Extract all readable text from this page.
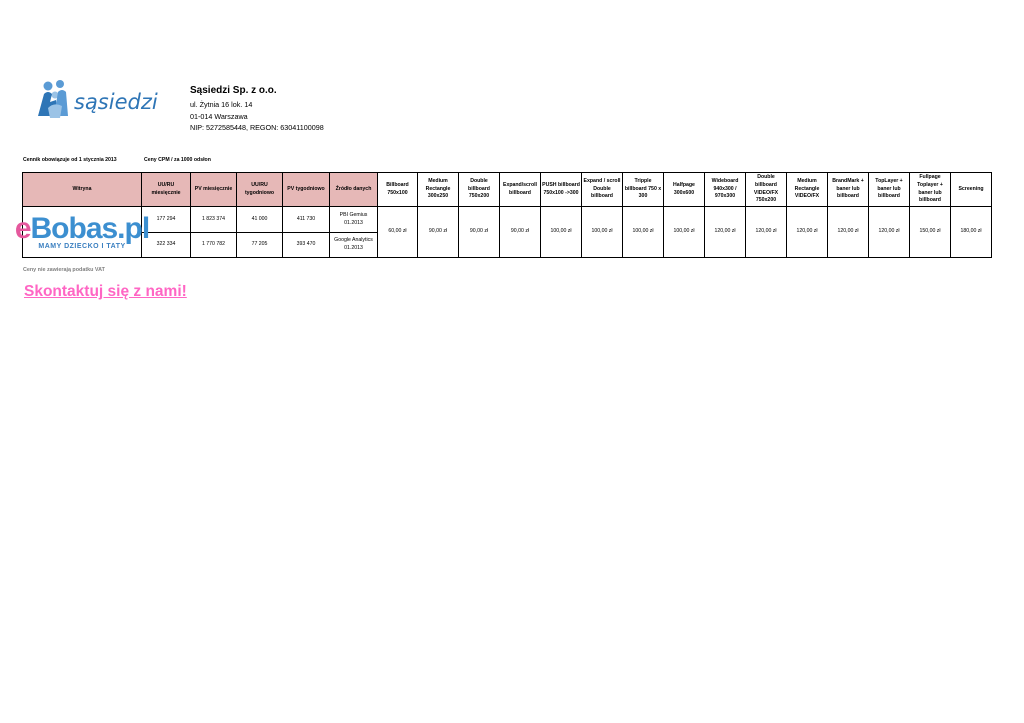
sąsiedzi	Sąsiedzi Sp. z o.o.
ul. Żytnia 16 lok. 14
01-014 Warszawa
NIP: 5272585448, REGON: 63041100098
Cennik obowiązuje od 1 stycznia 2013	Ceny CPM / za 1000 odsłon
Witryna	UU/RU miesięcznie	PV miesięcznie	UU/RU tygodniowo	PV tygodniowo	Źródło danych	Billboard 750x100	Medium Rectangle 300x250	Double billboard 750x200	Expand/scroll billboard	PUSH billboard 750x100 ->300	Expand / scroll Double billboard	Tripple billboard 750 x 300	Halfpage 300x600	Wideboard 940x300 / 970x300	Double billboard VIDEO/FX 750x200	Medium Rectangle VIDEO/FX	BrandMark + baner lub billboard	TopLayer + baner lub billboard	Fullpage Toplayer + baner lub billboard	Screening

eBobas.pl
MAMY DZIECKO I TATY	177 294	1 823 374	41 000	411 730	PBI Gemius 01.2013	60,00 zł	90,00 zł	90,00 zł	90,00 zł	100,00 zł	100,00 zł	100,00 zł	100,00 zł	120,00 zł	120,00 zł	120,00 zł	120,00 zł	120,00 zł	150,00 zł	180,00 zł
	322 334	1 770 782	77 205	393 470	Google Analytics 01.2013															
Ceny nie zawierają podatku VAT
Skontaktuj się z nami!
